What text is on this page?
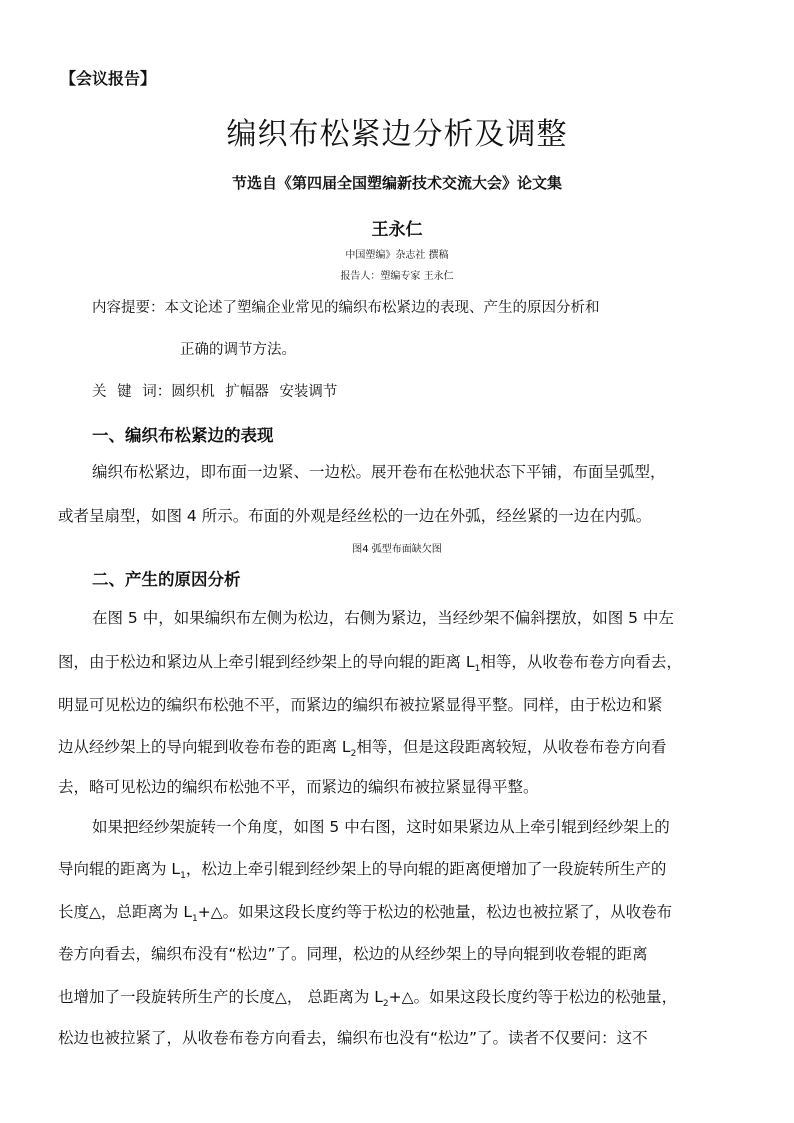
【会议报告】
编织布松紧边分析及调整
节选自《第四届全国塑编新技术交流大会》论文集
王永仁
中国塑编》杂志社 撰稿
报告人：塑编专家 王永仁
内容提要：本文论述了塑编企业常见的编织布松紧边的表现、产生的原因分析和
正确的调节方法。
关 键 词：圆织机 扩幅器 安装调节
一、编织布松紧边的表现
编织布松紧边，即布面一边紧、一边松。展开卷布在松弛状态下平铺，布面呈弧型，
或者呈扇型，如图 4 所示。布面的外观是经丝松的一边在外弧，经丝紧的一边在内弧。
图4 弧型布面缺欠图
二、产生的原因分析
在图 5 中，如果编织布左侧为松边，右侧为紧边，当经纱架不偏斜摆放，如图 5 中左
图，由于松边和紧边从上牵引辊到经纱架上的导向辊的距离 $L_1$相等，从收卷布卷方向看去，
明显可见松边的编织布松弛不平，而紧边的编织布被拉紧显得平整。同样，由于松边和紧
边从经纱架上的导向辊到收卷布卷的距离 $L_2$相等，但是这段距离较短，从收卷布卷方向看
去，略可见松边的编织布松弛不平，而紧边的编织布被拉紧显得平整。
如果把经纱架旋转一个角度，如图 5 中右图，这时如果紧边从上牵引辊到经纱架上的
导向辊的距离为 $L_1$，松边上牵引辊到经纱架上的导向辊的距离便增加了一段旋转所生产的
长度△，总距离为 $L_1+\triangle$。如果这段长度约等于松边的松弛量，松边也被拉紧了，从收卷布
卷方向看去，编织布没有“松边”了。同理，松边的从经纱架上的导向辊到收卷辊的距离
也增加了一段旋转所生产的长度△， 总距离为 $L_2+\triangle$。如果这段长度约等于松边的松弛量，
松边也被拉紧了，从收卷布卷方向看去，编织布也没有“松边”了。读者不仅要问：这不
